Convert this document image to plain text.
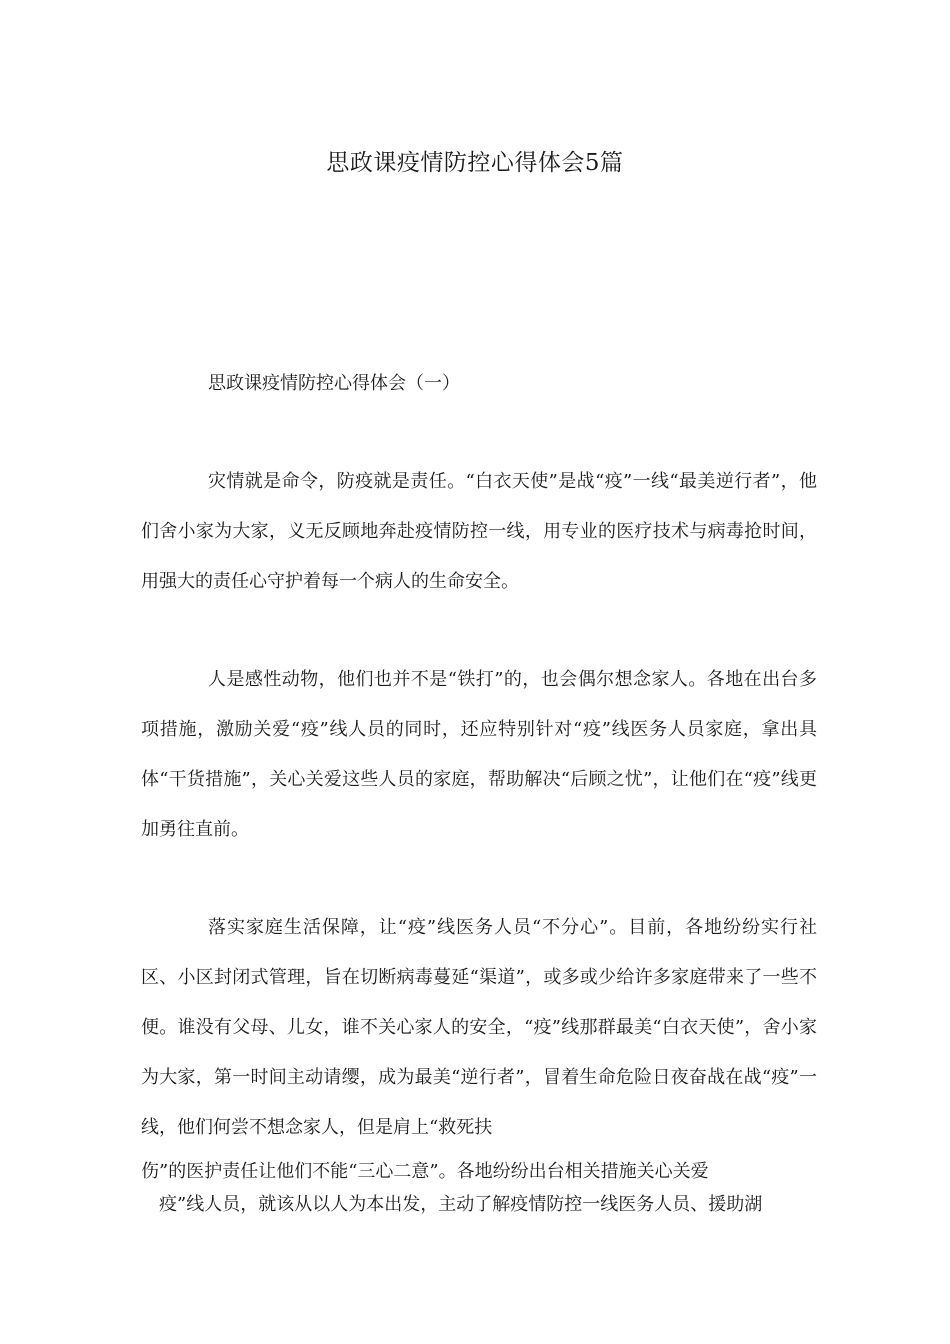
思政课疫情防控心得体会5篇
思政课疫情防控心得体会（一）

灾情就是命令，防疫就是责任。“白衣天使”是战“疫”一线“最美逆行者”，他们舍小家为大家，义无反顾地奔赴疫情防控一线，用专业的医疗技术与病毒抢时间，用强大的责任心守护着每一个病人的生命安全。

人是感性动物，他们也并不是“铁打”的，也会偶尔想念家人。各地在出台多项措施，激励关爱“疫”线人员的同时，还应特别针对“疫”线医务人员家庭，拿出具体“干货措施”，关心关爱这些人员的家庭，帮助解决“后顾之忧”，让他们在“疫”线更加勇往直前。

落实家庭生活保障，让“疫”线医务人员“不分心”。目前，各地纷纷实行社区、小区封闭式管理，旨在切断病毒蔓延“渠道”，或多或少给许多家庭带来了一些不便。谁没有父母、儿女，谁不关心家人的安全，“疫”线那群最美“白衣天使”，舍小家为大家，第一时间主动请缨，成为最美“逆行者”，冒着生命危险日夜奋战在战“疫”一线，他们何尝不想念家人，但是肩上“救死扶

伤”的医护责任让他们不能“三心二意”。各地纷纷出台相关措施关心关爱

疫”线人员，就该从以人为本出发，主动了解疫情防控一线医务人员、援助湖
